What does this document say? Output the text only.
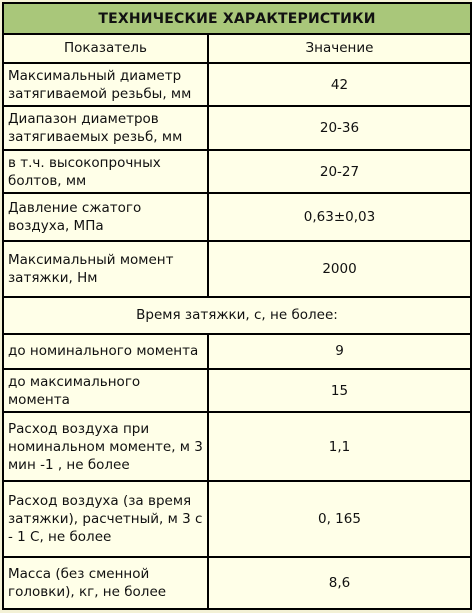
ТЕХНИЧЕСКИЕ ХАРАКТЕРИСТИКИ	
Показатель	Значение
Максимальный диаметр затягиваемой резьбы, мм	42
Диапазон диаметров затягиваемых резьб, мм	20-36
в т.ч. высокопрочных болтов, мм	20-27
Давление сжатого воздуха, МПа	0,63±0,03
Максимальный момент затяжки, Нм	2000
Время затяжки, с, не более:	
до номинального момента	9
до максимального момента	15
Расход воздуха при номинальном моменте, м 3 мин -1 , не более	1,1
Расход воздуха (за время затяжки), расчетный, м 3 с - 1 С, не более	0, 165
Масса (без сменной головки), кг, не более	8,6
